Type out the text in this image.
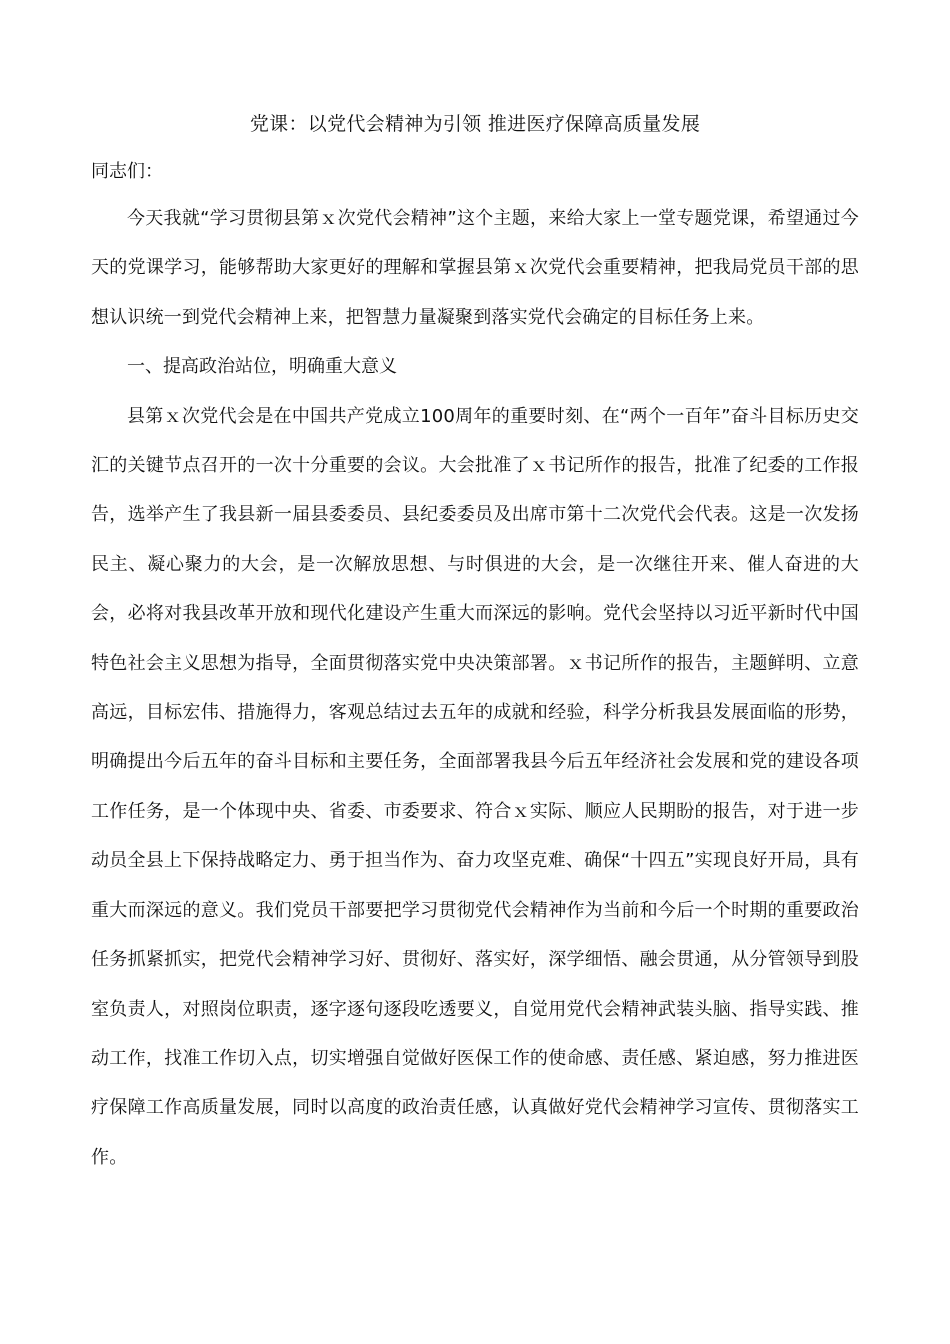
党课：以党代会精神为引领 推进医疗保障高质量发展

同志们：

今天我就“学习贯彻县第ｘ次党代会精神”这个主题，来给大家上一堂专题党课，希望通过今天的党课学习，能够帮助大家更好的理解和掌握县第ｘ次党代会重要精神，把我局党员干部的思想认识统一到党代会精神上来，把智慧力量凝聚到落实党代会确定的目标任务上来。

一、提高政治站位，明确重大意义

县第ｘ次党代会是在中国共产党成立100周年的重要时刻、在“两个一百年”奋斗目标历史交汇的关键节点召开的一次十分重要的会议。大会批准了ｘ书记所作的报告，批准了纪委的工作报告，选举产生了我县新一届县委委员、县纪委委员及出席市第十二次党代会代表。这是一次发扬民主、凝心聚力的大会，是一次解放思想、与时俱进的大会，是一次继往开来、催人奋进的大会，必将对我县改革开放和现代化建设产生重大而深远的影响。党代会坚持以习近平新时代中国特色社会主义思想为指导，全面贯彻落实党中央决策部署。ｘ书记所作的报告，主题鲜明、立意高远，目标宏伟、措施得力，客观总结过去五年的成就和经验，科学分析我县发展面临的形势，明确提出今后五年的奋斗目标和主要任务，全面部署我县今后五年经济社会发展和党的建设各项工作任务，是一个体现中央、省委、市委要求、符合ｘ实际、顺应人民期盼的报告，对于进一步动员全县上下保持战略定力、勇于担当作为、奋力攻坚克难、确保“十四五”实现良好开局，具有重大而深远的意义。我们党员干部要把学习贯彻党代会精神作为当前和今后一个时期的重要政治任务抓紧抓实，把党代会精神学习好、贯彻好、落实好，深学细悟、融会贯通，从分管领导到股室负责人，对照岗位职责，逐字逐句逐段吃透要义，自觉用党代会精神武装头脑、指导实践、推动工作，找准工作切入点，切实增强自觉做好医保工作的使命感、责任感、紧迫感，努力推进医疗保障工作高质量发展，同时以高度的政治责任感，认真做好党代会精神学习宣传、贯彻落实工作。
